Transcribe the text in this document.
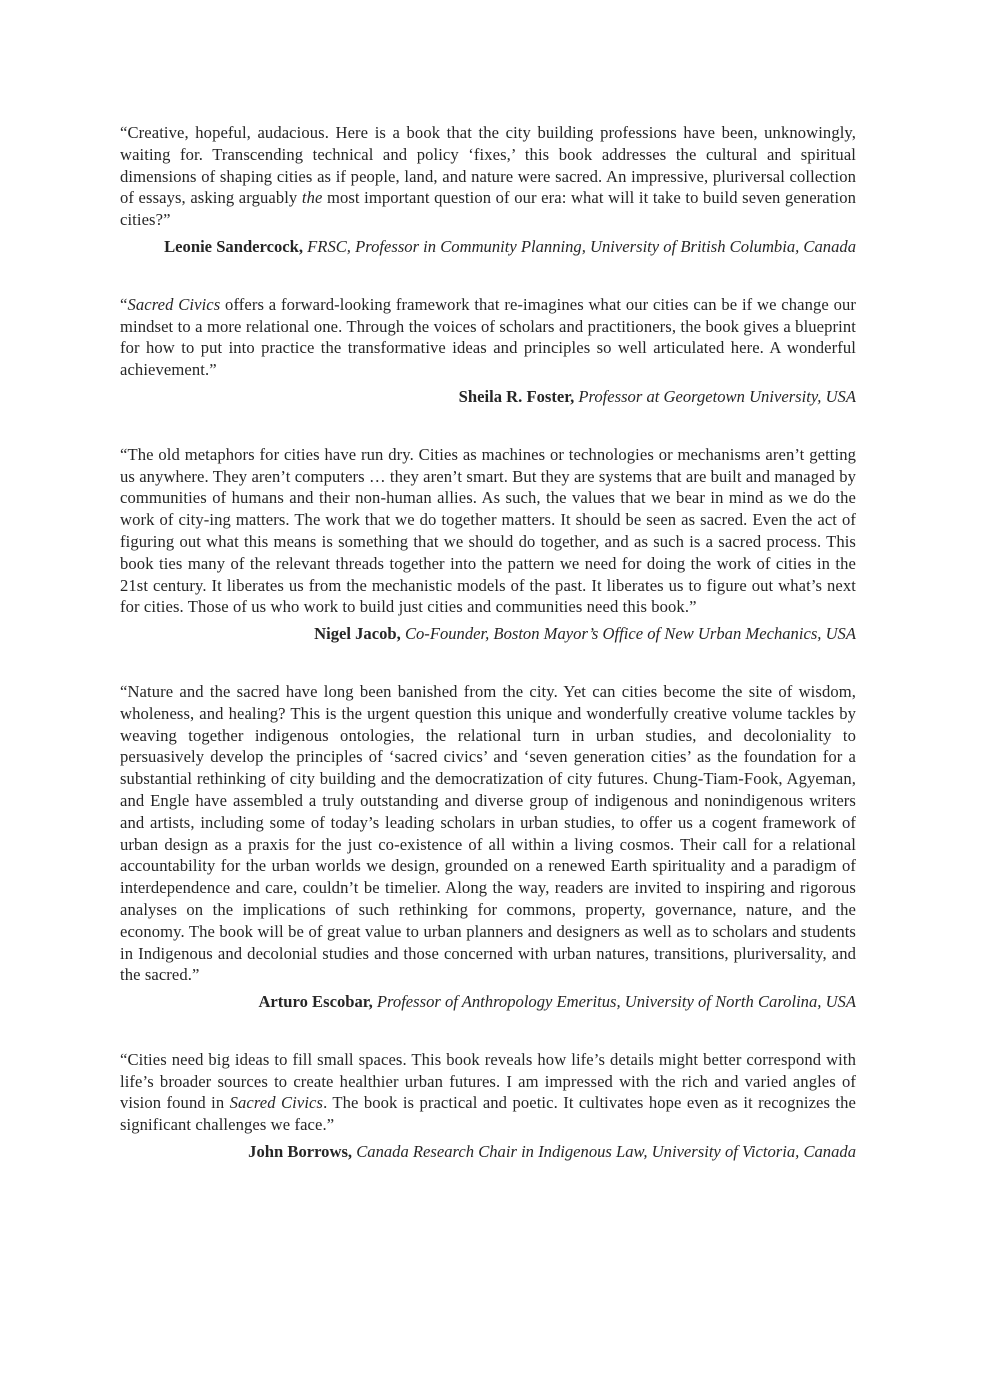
“Creative, hopeful, audacious. Here is a book that the city building professions have been, unknowingly, waiting for. Transcending technical and policy ‘fixes,’ this book addresses the cultural and spiritual dimensions of shaping cities as if people, land, and nature were sacred. An impressive, pluriversal collection of essays, asking arguably the most important question of our era: what will it take to build seven generation cities?”

Leonie Sandercock, FRSC, Professor in Community Planning, University of British Columbia, Canada

“Sacred Civics offers a forward-looking framework that re-imagines what our cities can be if we change our mindset to a more relational one. Through the voices of scholars and practitioners, the book gives a blueprint for how to put into practice the transformative ideas and principles so well articulated here. A wonderful achievement.”

Sheila R. Foster, Professor at Georgetown University, USA

“The old metaphors for cities have run dry. Cities as machines or technologies or mechanisms aren’t getting us anywhere. They aren’t computers … they aren’t smart. But they are systems that are built and managed by communities of humans and their non-human allies. As such, the values that we bear in mind as we do the work of city-ing matters. The work that we do together matters. It should be seen as sacred. Even the act of figuring out what this means is something that we should do together, and as such is a sacred process. This book ties many of the relevant threads together into the pattern we need for doing the work of cities in the 21st century. It liberates us from the mechanistic models of the past. It liberates us to figure out what’s next for cities. Those of us who work to build just cities and communities need this book.”

Nigel Jacob, Co-Founder, Boston Mayor’s Office of New Urban Mechanics, USA

“Nature and the sacred have long been banished from the city. Yet can cities become the site of wisdom, wholeness, and healing? This is the urgent question this unique and wonderfully creative volume tackles by weaving together indigenous ontologies, the relational turn in urban studies, and decoloniality to persuasively develop the principles of ‘sacred civics’ and ‘seven generation cities’ as the foundation for a substantial rethinking of city building and the democratization of city futures. Chung-Tiam-Fook, Agyeman, and Engle have assembled a truly outstanding and diverse group of indigenous and nonindigenous writers and artists, including some of today’s leading scholars in urban studies, to offer us a cogent framework of urban design as a praxis for the just co-existence of all within a living cosmos. Their call for a relational accountability for the urban worlds we design, grounded on a renewed Earth spirituality and a paradigm of interdependence and care, couldn’t be timelier. Along the way, readers are invited to inspiring and rigorous analyses on the implications of such rethinking for commons, property, governance, nature, and the economy. The book will be of great value to urban planners and designers as well as to scholars and students in Indigenous and decolonial studies and those concerned with urban natures, transitions, pluriversality, and the sacred.”

Arturo Escobar, Professor of Anthropology Emeritus, University of North Carolina, USA

“Cities need big ideas to fill small spaces. This book reveals how life’s details might better correspond with life’s broader sources to create healthier urban futures. I am impressed with the rich and varied angles of vision found in Sacred Civics. The book is practical and poetic. It cultivates hope even as it recognizes the significant challenges we face.”

John Borrows, Canada Research Chair in Indigenous Law, University of Victoria, Canada
